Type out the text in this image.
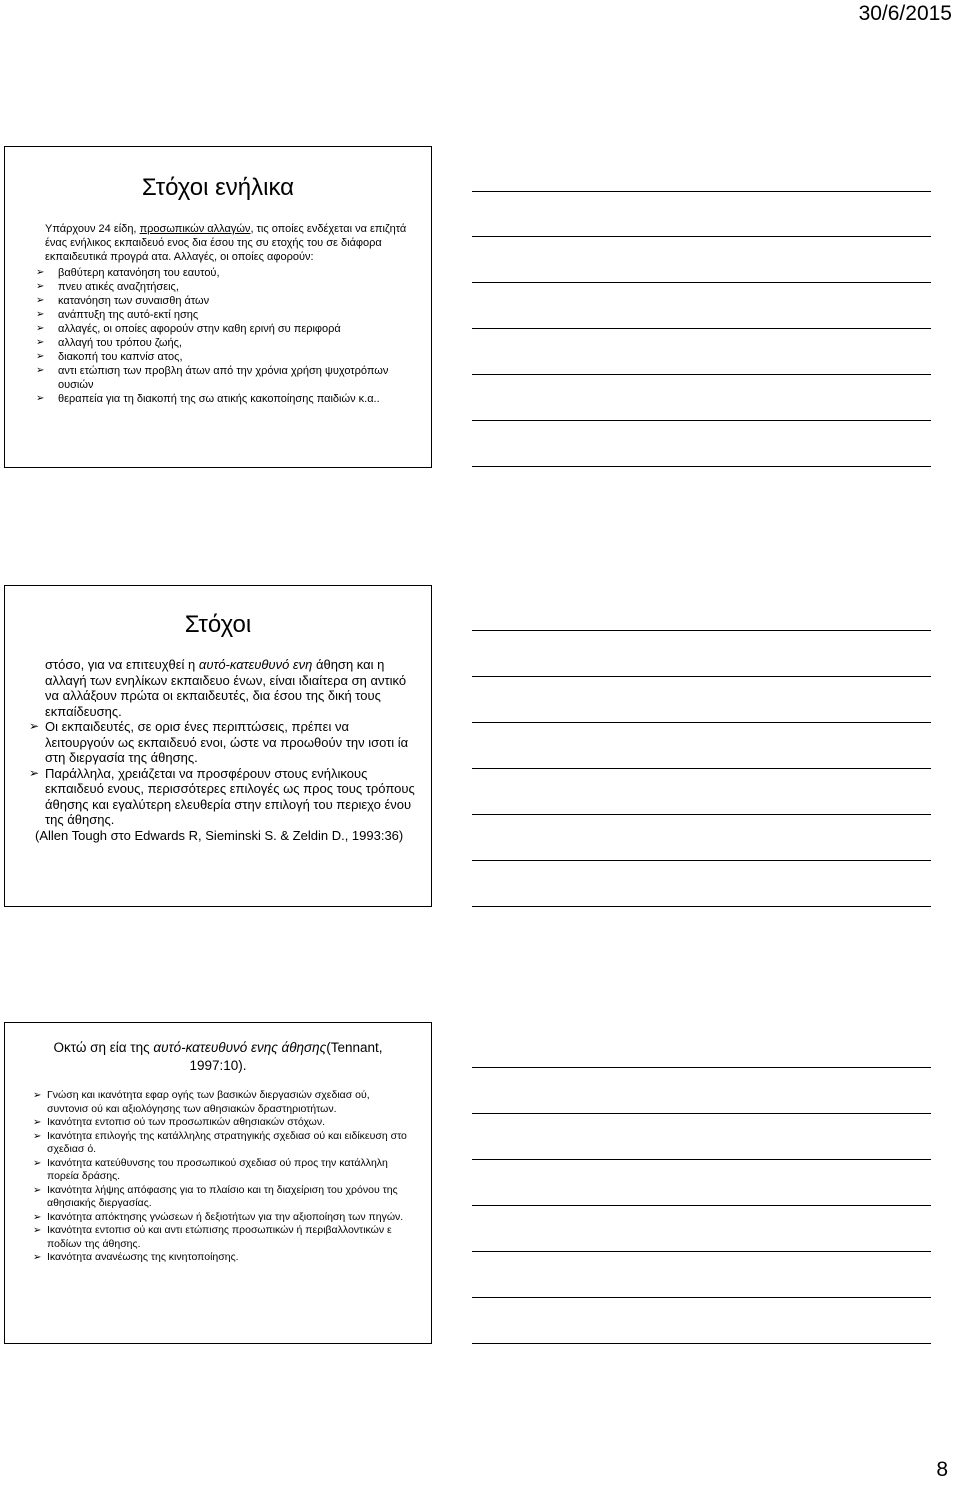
30/6/2015
Στόχοι ενήλικα
Υπάρχουν 24 είδη, προσωπικών αλλαγών, τις οποίες ενδέχεται να επιζητά ένας ενήλικος εκπαιδευό ενος δια έσου της συ ετοχής του σε διάφορα εκπαιδευτικά προγρά ατα. Αλλαγές, οι οποίες αφορούν:
➢ βαθύτερη κατανόηση του εαυτού,
➢ πνευ ατικές αναζητήσεις,
➢ κατανόηση των συναισθη άτων
➢ ανάπτυξη της αυτό-εκτί ησης
➢ αλλαγές, οι οποίες αφορούν στην καθη ερινή συ περιφορά
➢ αλλαγή του τρόπου ζωής,
➢ διακοπή του καπνίσ ατος,
➢ αντι ετώπιση των προβλη άτων από την χρόνια χρήση ψυχοτρόπων ουσιών
➢ θεραπεία για τη διακοπή της σω ατικής κακοποίησης παιδιών κ.α..
Στόχοι
στόσο, για να επιτευχθεί η αυτό-κατευθυνό ενη άθηση και η αλλαγή των ενηλίκων εκπαιδευο ένων, είναι ιδιαίτερα ση αντικό να αλλάξουν πρώτα οι εκπαιδευτές, δια έσου της δική τους εκπαίδευσης.
➢ Οι εκπαιδευτές, σε ορισ ένες περιπτώσεις, πρέπει να λειτουργούν ως εκπαιδευό ενοι, ώστε να προωθούν την ισοτι ία στη διεργασία της άθησης.
➢ Παράλληλα, χρειάζεται να προσφέρουν στους ενήλικους εκπαιδευό ενους, περισσότερες επιλογές ως προς τους τρόπους άθησης και εγαλύτερη ελευθερία στην επιλογή του περιεχο ένου της άθησης.
(Allen Tough στο Edwards R, Sieminski S. & Zeldin D., 1993:36)
Οκτώ ση εία της αυτό-κατευθυνό ενης άθησης(Tennant, 1997:10).
➢ Γνώση και ικανότητα εφαρ ογής των βασικών διεργασιών σχεδιασ ού, συντονισ ού και αξιολόγησης των αθησιακών δραστηριοτήτων.
➢ Ικανότητα εντοπισ ού των προσωπικών αθησιακών στόχων.
➢ Ικανότητα επιλογής της κατάλληλης στρατηγικής σχεδιασ ού και ειδίκευση στο σχεδιασ ό.
➢ Ικανότητα κατεύθυνσης του προσωπικού σχεδιασ ού προς την κατάλληλη πορεία δράσης.
➢ Ικανότητα λήψης απόφασης για το πλαίσιο και τη διαχείριση του χρόνου της αθησιακής διεργασίας.
➢ Ικανότητα απόκτησης γνώσεων ή δεξιοτήτων για την αξιοποίηση των πηγών.
➢ Ικανότητα εντοπισ ού και αντι ετώπισης προσωπικών ή περιβαλλοντικών ε ποδίων της άθησης.
➢ Ικανότητα ανανέωσης της κινητοποίησης.
8
